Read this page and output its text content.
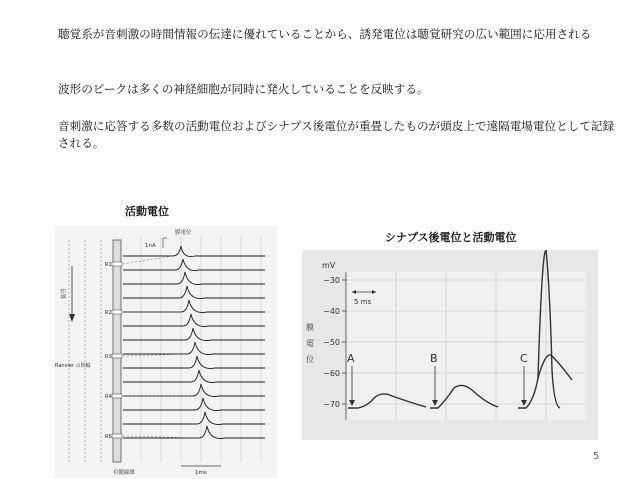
聴覚系が音刺激の時間情報の伝達に優れていることから、誘発電位は聴覚研究の広い範囲に応用される

波形のピークは多くの神経細胞が同時に発火していることを反映する。

音刺激に応答する多数の活動電位およびシナプス後電位が重畳したものが頭皮上で遠隔電場電位として記録される。

活動電位
シナプス後電位と活動電位
1nA
膜電位
伝導
Ranvier の絞輪
R1
R2
R3
R4
R5
1ms
有髄線維
mV
−30
−40
−50
−60
−70
膜
電
位
5 ms
A	B	C
5
